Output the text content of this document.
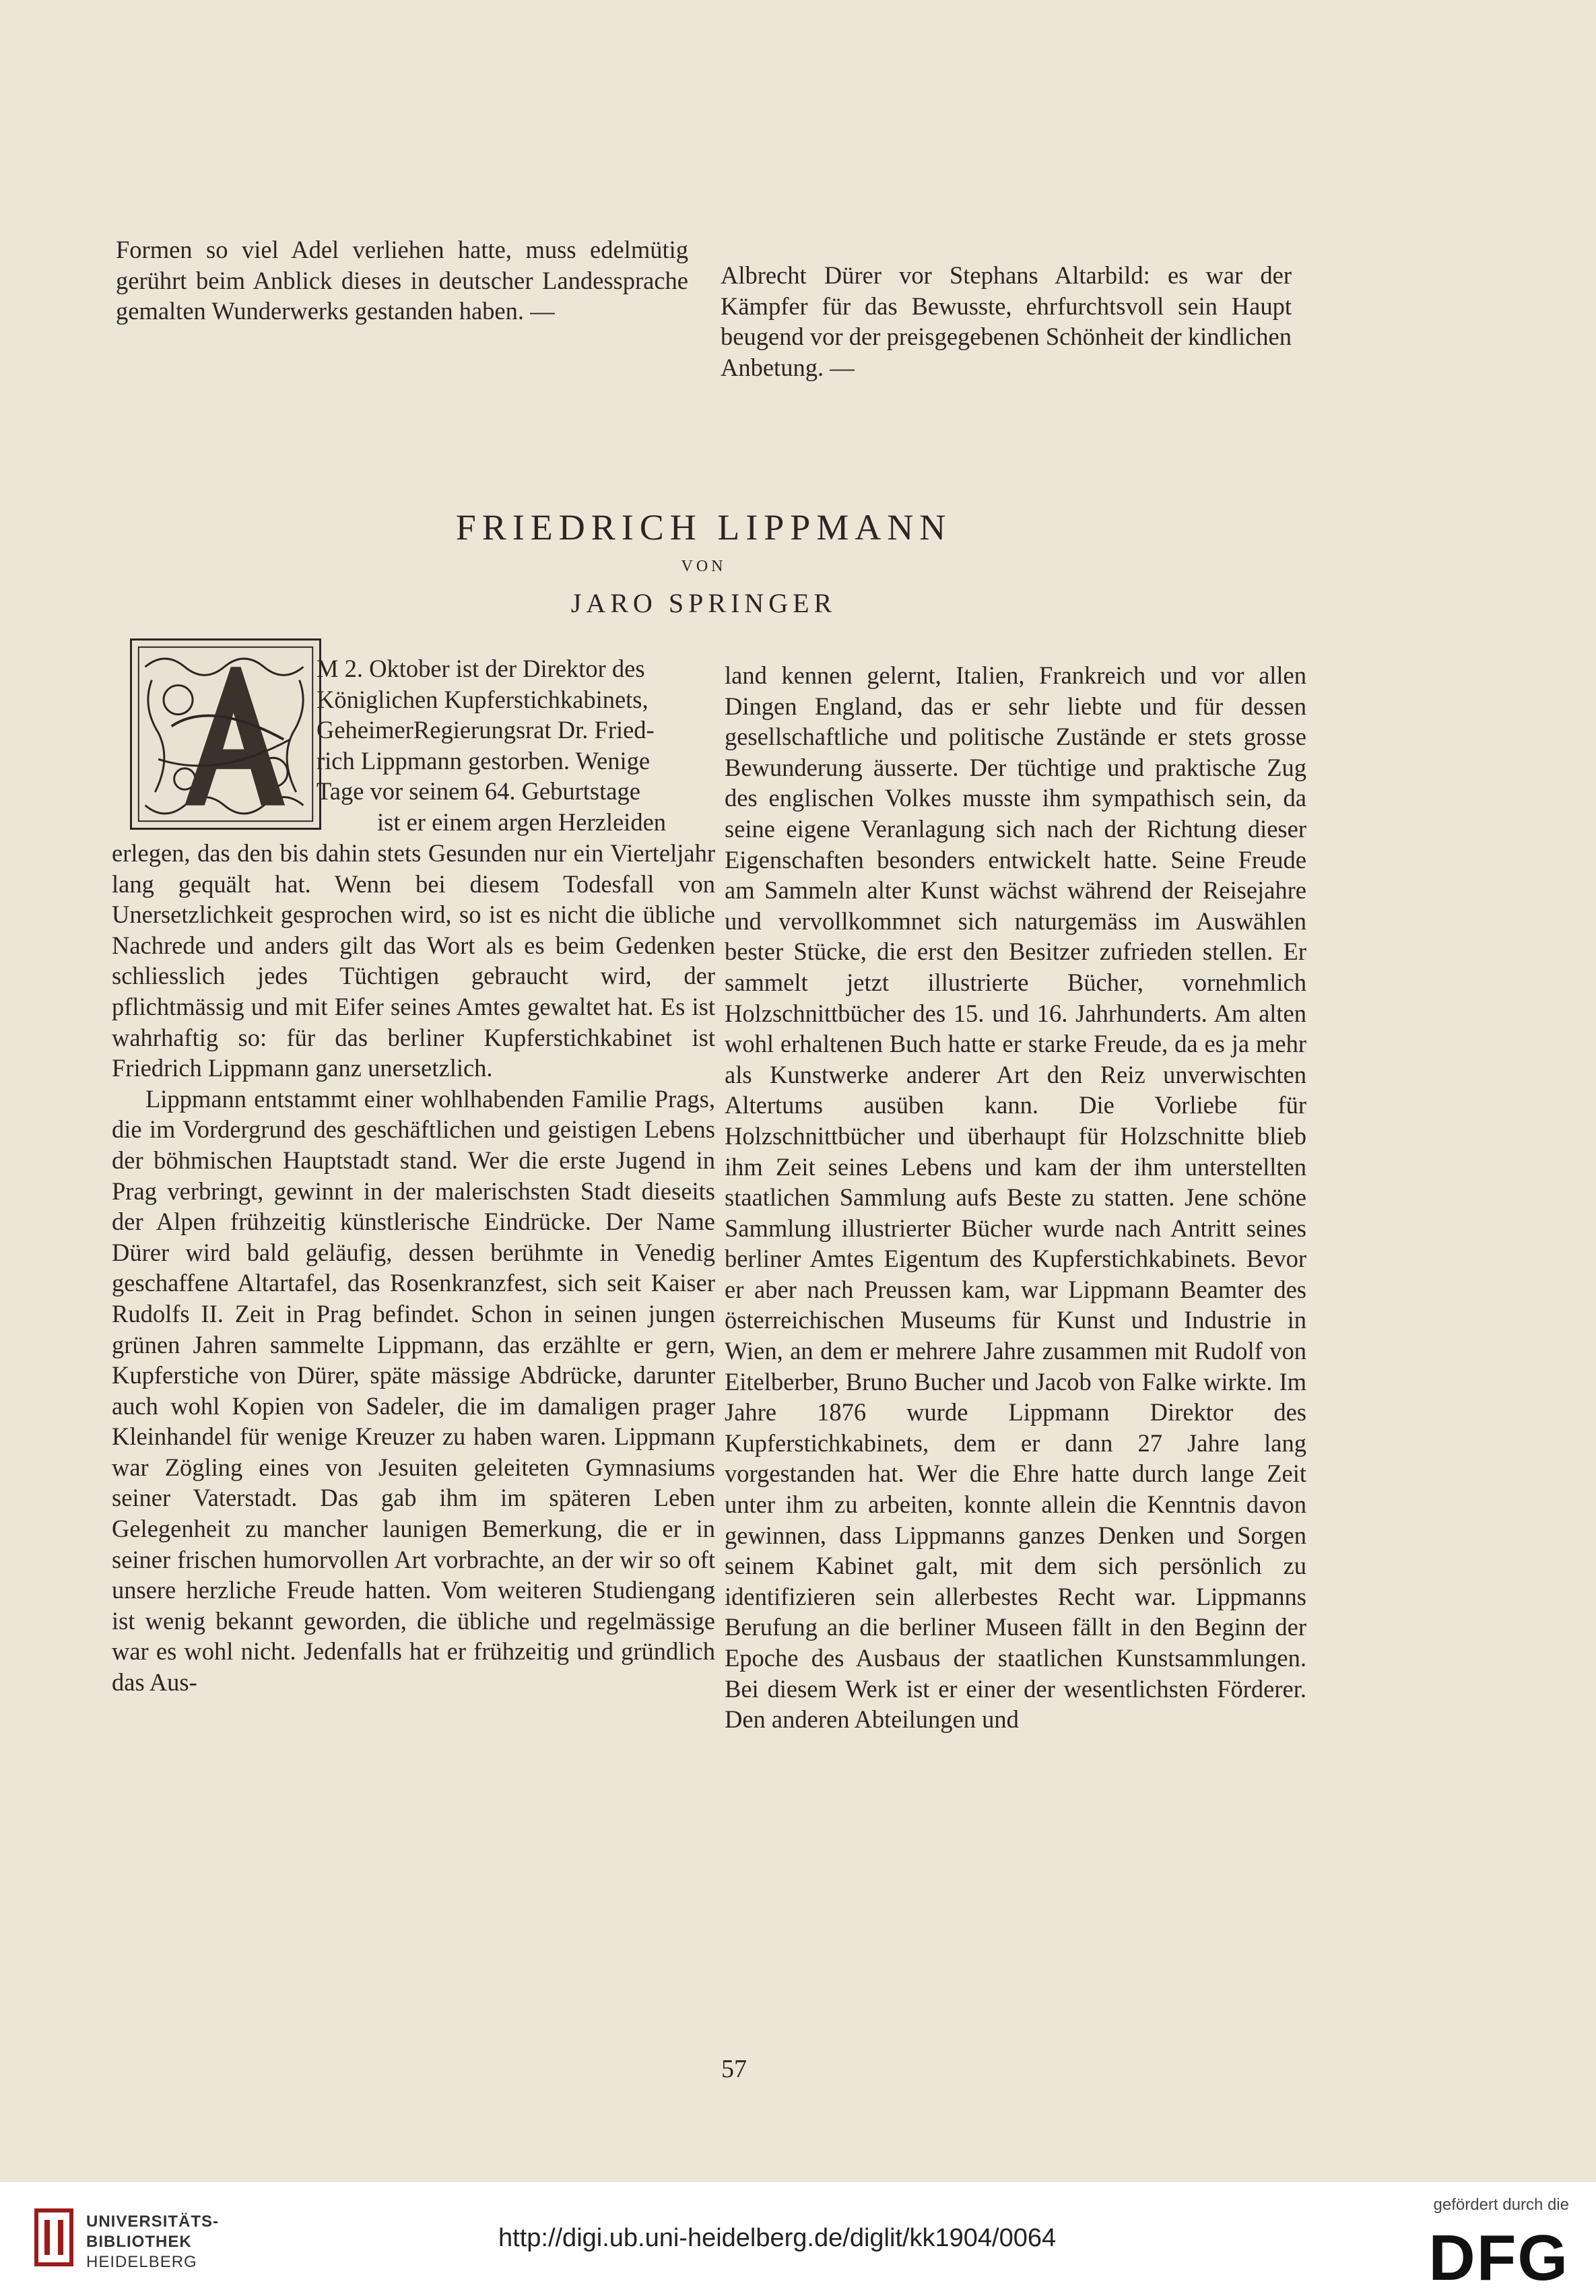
Formen so viel Adel verliehen hatte, muss edelmütig gerührt beim Anblick dieses in deutscher Landessprache gemalten Wunderwerks gestanden haben. —

Albrecht Dürer vor Stephans Altarbild: es war der Kämpfer für das Bewusste, ehrfurchtsvoll sein Haupt beugend vor der preisgegebenen Schönheit der kindlichen Anbetung. —

FRIEDRICH LIPPMANN
VON
JARO SPRINGER
M 2. Oktober ist der Direktor des
Königlichen Kupferstichkabinets,
GeheimerRegierungsrat Dr. Fried-
rich Lippmann gestorben. Wenige
Tage vor seinem 64. Geburtstage
ist er einem argen Herzleiden

erlegen, das den bis dahin stets Gesunden nur ein Vierteljahr lang gequält hat. Wenn bei diesem Todesfall von Unersetzlichkeit gesprochen wird, so ist es nicht die übliche Nachrede und anders gilt das Wort als es beim Gedenken schliesslich jedes Tüchtigen gebraucht wird, der pflichtmässig und mit Eifer seines Amtes gewaltet hat. Es ist wahrhaftig so: für das berliner Kupferstichkabinet ist Friedrich Lippmann ganz unersetzlich.

Lippmann entstammt einer wohlhabenden Familie Prags, die im Vordergrund des geschäftlichen und geistigen Lebens der böhmischen Hauptstadt stand. Wer die erste Jugend in Prag verbringt, gewinnt in der malerischsten Stadt dieseits der Alpen frühzeitig künstlerische Eindrücke. Der Name Dürer wird bald geläufig, dessen berühmte in Venedig geschaffene Altartafel, das Rosenkranzfest, sich seit Kaiser Rudolfs II. Zeit in Prag befindet. Schon in seinen jungen grünen Jahren sammelte Lippmann, das erzählte er gern, Kupferstiche von Dürer, späte mässige Abdrücke, darunter auch wohl Kopien von Sadeler, die im damaligen prager Kleinhandel für wenige Kreuzer zu haben waren. Lippmann war Zögling eines von Jesuiten geleiteten Gymnasiums seiner Vaterstadt. Das gab ihm im späteren Leben Gelegenheit zu mancher launigen Bemerkung, die er in seiner frischen humorvollen Art vorbrachte, an der wir so oft unsere herzliche Freude hatten. Vom weiteren Studiengang ist wenig bekannt geworden, die übliche und regelmässige war es wohl nicht. Jedenfalls hat er frühzeitig und gründlich das Aus-

land kennen gelernt, Italien, Frankreich und vor allen Dingen England, das er sehr liebte und für dessen gesellschaftliche und politische Zustände er stets grosse Bewunderung äusserte. Der tüchtige und praktische Zug des englischen Volkes musste ihm sympathisch sein, da seine eigene Veranlagung sich nach der Richtung dieser Eigenschaften besonders entwickelt hatte. Seine Freude am Sammeln alter Kunst wächst während der Reisejahre und vervollkommnet sich naturgemäss im Auswählen bester Stücke, die erst den Besitzer zufrieden stellen. Er sammelt jetzt illustrierte Bücher, vornehmlich Holzschnittbücher des 15. und 16. Jahrhunderts. Am alten wohl erhaltenen Buch hatte er starke Freude, da es ja mehr als Kunstwerke anderer Art den Reiz unverwischten Altertums ausüben kann. Die Vorliebe für Holzschnittbücher und überhaupt für Holzschnitte blieb ihm Zeit seines Lebens und kam der ihm unterstellten staatlichen Sammlung aufs Beste zu statten. Jene schöne Sammlung illustrierter Bücher wurde nach Antritt seines berliner Amtes Eigentum des Kupferstichkabinets. Bevor er aber nach Preussen kam, war Lippmann Beamter des österreichischen Museums für Kunst und Industrie in Wien, an dem er mehrere Jahre zusammen mit Rudolf von Eitelberber, Bruno Bucher und Jacob von Falke wirkte. Im Jahre 1876 wurde Lippmann Direktor des Kupferstichkabinets, dem er dann 27 Jahre lang vorgestanden hat. Wer die Ehre hatte durch lange Zeit unter ihm zu arbeiten, konnte allein die Kenntnis davon gewinnen, dass Lippmanns ganzes Denken und Sorgen seinem Kabinet galt, mit dem sich persönlich zu identifizieren sein allerbestes Recht war. Lippmanns Berufung an die berliner Museen fällt in den Beginn der Epoche des Ausbaus der staatlichen Kunstsammlungen. Bei diesem Werk ist er einer der wesentlichsten Förderer. Den anderen Abteilungen und

57
UNIVERSITÄTS-
BIBLIOTHEK
HEIDELBERG
http://digi.ub.uni-heidelberg.de/diglit/kk1904/0064
gefördert durch die
DFG
